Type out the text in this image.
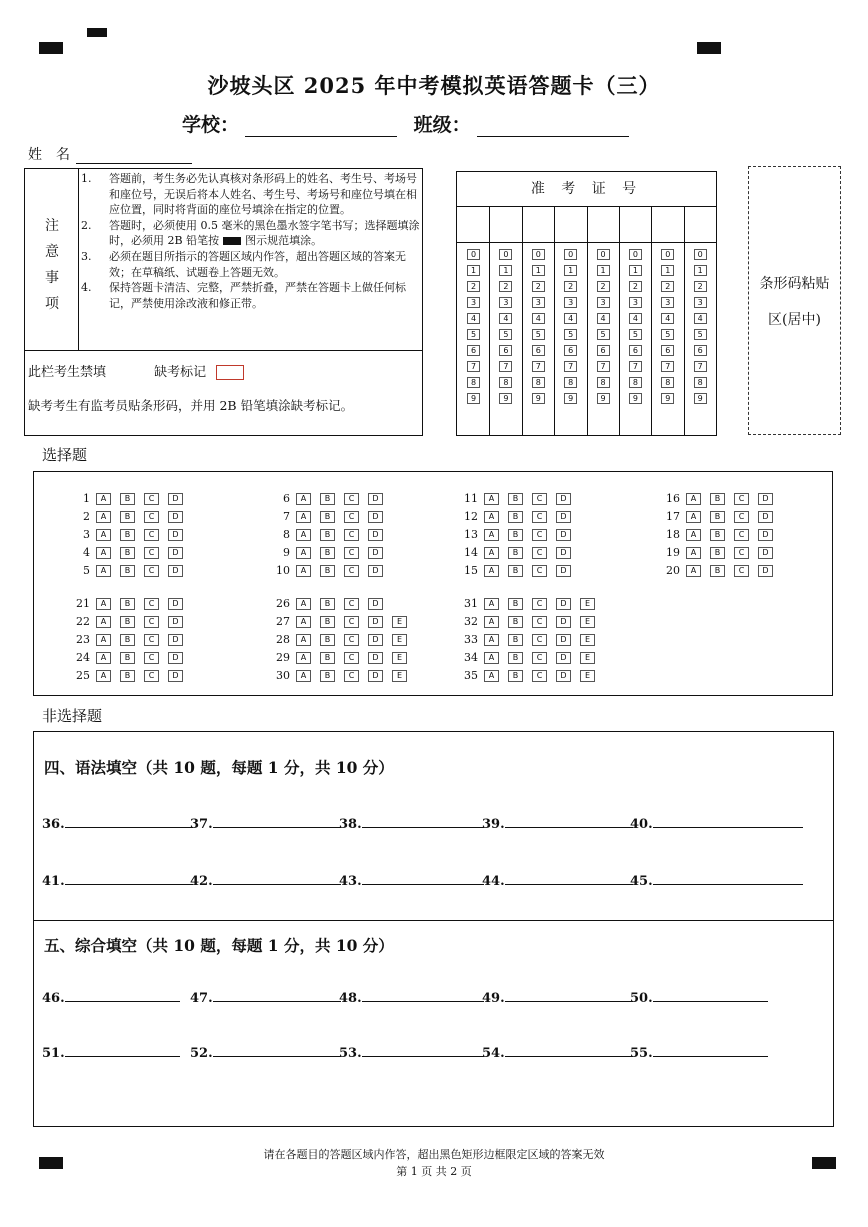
沙坡头区 2025 年中考模拟英语答题卡（三）
学校：	班级：
姓　名
注
意
事
项
1. 答题前，考生务必先认真核对条形码上的姓名、考生号、考场号和座位号，无误后将本人姓名、考生号、考场号和座位号填在相应位置，同时将背面的座位号填涂在指定的位置。
2. 答题时，必须使用 0.5 毫米的黑色墨水签字笔书写；选择题填涂时，必须用 2B 铅笔按 图示规范填涂。
3. 必须在题目所指示的答题区域内作答，超出答题区域的答案无效；在草稿纸、试题卷上答题无效。
4. 保持答题卡清洁、完整，严禁折叠，严禁在答题卡上做任何标记，严禁使用涂改液和修正带。
此栏考生禁填	缺考标记
缺考考生有监考员贴条形码，并用 2B 铅笔填涂缺考标记。
准 考 证 号
0
1
2
3
4
5
6
7
8
9
0
1
2
3
4
5
6
7
8
9
0
1
2
3
4
5
6
7
8
9
0
1
2
3
4
5
6
7
8
9
0
1
2
3
4
5
6
7
8
9
0
1
2
3
4
5
6
7
8
9
0
1
2
3
4
5
6
7
8
9
0
1
2
3
4
5
6
7
8
9
条形码粘贴
区(居中)
选择题
1	A	B	C	D
2	A	B	C	D
3	A	B	C	D
4	A	B	C	D
5	A	B	C	D
6	A	B	C	D
7	A	B	C	D
8	A	B	C	D
9	A	B	C	D
10	A	B	C	D
11	A	B	C	D
12	A	B	C	D
13	A	B	C	D
14	A	B	C	D
15	A	B	C	D
16	A	B	C	D
17	A	B	C	D
18	A	B	C	D
19	A	B	C	D
20	A	B	C	D
21	A	B	C	D
22	A	B	C	D
23	A	B	C	D
24	A	B	C	D
25	A	B	C	D
26	A	B	C	D
27	A	B	C	D	E
28	A	B	C	D	E
29	A	B	C	D	E
30	A	B	C	D	E
31	A	B	C	D	E
32	A	B	C	D	E
33	A	B	C	D	E
34	A	B	C	D	E
35	A	B	C	D	E
非选择题
四、语法填空（共 10 题，每题 1 分，共 10 分）
五、综合填空（共 10 题，每题 1 分，共 10 分）
36.	37.	38.	39.	40.
41.	42.	43.	44.	45.
46.	47.	48.	49.	50.
51.	52.	53.	54.	55.
请在各题目的答题区域内作答，超出黑色矩形边框限定区域的答案无效
第 1 页 共 2 页
